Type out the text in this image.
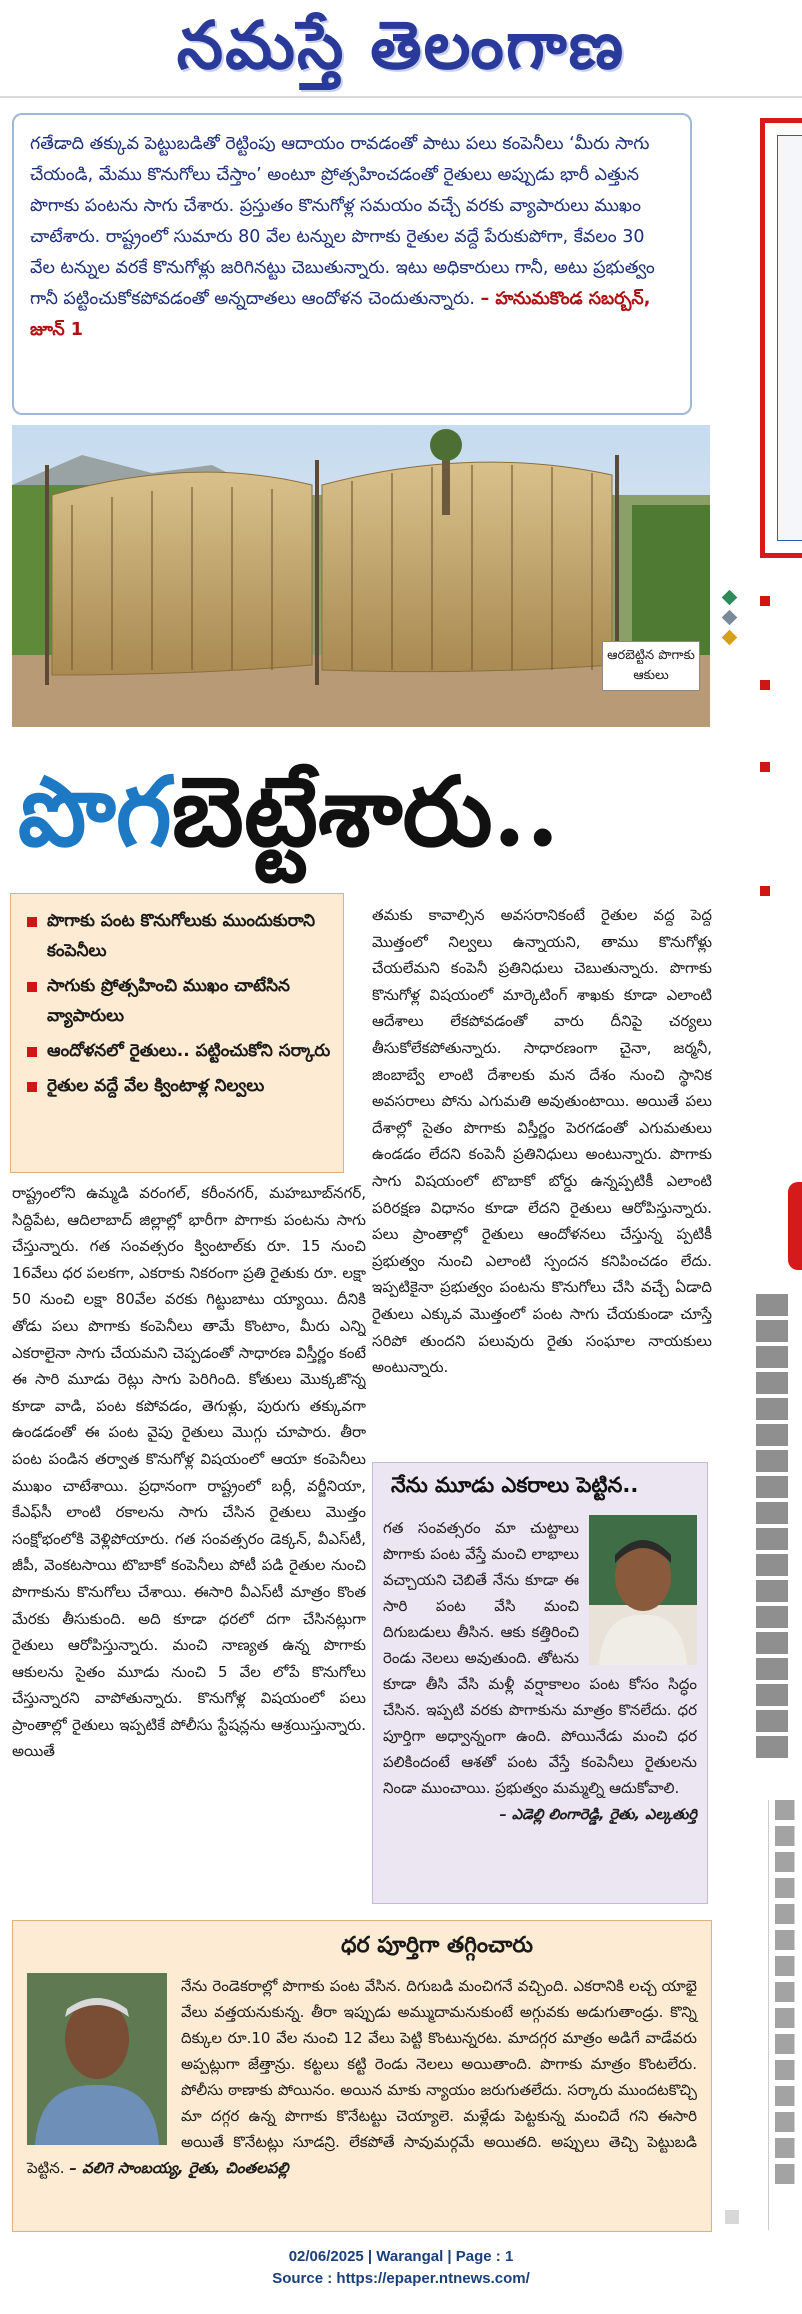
నమస్తే తెలంగాణ

గతేడాది తక్కువ పెట్టుబడితో రెట్టింపు ఆదాయం రావడంతో పాటు పలు కంపెనీలు ‘మీరు సాగు చేయండి, మేము కొనుగోలు చేస్తాం’ అంటూ ప్రోత్సహించడంతో రైతులు అప్పుడు భారీ ఎత్తున పొగాకు పంటను సాగు చేశారు. ప్రస్తుతం కొనుగోళ్ల సమయం వచ్చే వరకు వ్యాపారులు ముఖం చాటేశారు. రాష్ట్రంలో సుమారు 80 వేల టన్నుల పొగాకు రైతుల వద్దే పేరుకుపోగా, కేవలం 30 వేల టన్నుల వరకే కొనుగోళ్లు జరిగినట్టు చెబుతున్నారు. ఇటు అధికారులు గానీ, అటు ప్రభుత్వం గానీ పట్టించుకోకపోవడంతో అన్నదాతలు ఆందోళన చెందుతున్నారు. – హనుమకొండ సబర్బన్, జూన్ 1

ఆరబెట్టిన పొగాకు ఆకులు
పొగబెట్టేశారు..
పొగాకు పంట కొనుగోలుకు ముందుకురాని కంపెనీలు
సాగుకు ప్రోత్సహించి ముఖం చాటేసిన వ్యాపారులు
ఆందోళనలో రైతులు.. పట్టించుకోని సర్కారు
రైతుల వద్దే వేల క్వింటాళ్ల నిల్వలు
రాష్ట్రంలోని ఉమ్మడి వరంగల్, కరీంనగర్, మహబూబ్‌నగర్, సిద్దిపేట, ఆదిలాబాద్ జిల్లాల్లో భారీగా పొగాకు పంటను సాగు చేస్తున్నారు. గత సంవత్సరం క్వింటాల్‌కు రూ. 15 నుంచి 16వేలు ధర పలకగా, ఎకరాకు నికరంగా ప్రతి రైతుకు రూ. లక్షా 50 నుంచి లక్షా 80వేల వరకు గిట్టుబాటు య్యాయి. దీనికి తోడు పలు పొగాకు కంపెనీలు తామే కొంటాం, మీరు ఎన్ని ఎకరాలైనా సాగు చేయమని చెప్పడంతో సాధారణ విస్తీర్ణం కంటే ఈ సారి మూడు రెట్లు సాగు పెరిగింది. కోతులు మొక్కజొన్న కూడా వాడి, పంట కపోవడం, తెగుళ్లు, పురుగు తక్కువగా ఉండడంతో ఈ పంట వైపు రైతులు మొగ్గు చూపారు. తీరా పంట పండిన తర్వాత కొనుగోళ్ల విషయంలో ఆయా కంపెనీలు ముఖం చాటేశాయి. ప్రధానంగా రాష్ట్రంలో బర్లీ, వర్జీనియా, కేఎఫ్‌సీ లాంటి రకాలను సాగు చేసిన రైతులు మొత్తం సంక్షోభంలోకి వెళ్లిపోయారు. గత సంవత్సరం డెక్కన్, వీఎస్‌టీ, జీపీ, వెంకటసాయి టొబాకో కంపెనీలు పోటీ పడి రైతుల నుంచి పొగాకును కొనుగోలు చేశాయి. ఈసారి వీఎస్‌టీ మాత్రం కొంత మేరకు తీసుకుంది. అది కూడా ధరలో దగా చేసినట్లుగా రైతులు ఆరోపిస్తున్నారు. మంచి నాణ్యత ఉన్న పొగాకు ఆకులను సైతం మూడు నుంచి 5 వేల లోపే కొనుగోలు చేస్తున్నారని వాపోతున్నారు. కొనుగోళ్ల విషయంలో పలు ప్రాంతాల్లో రైతులు ఇప్పటికే పోలీసు స్టేషన్లను ఆశ్రయిస్తున్నారు. అయితే
తమకు కావాల్సిన అవసరానికంటే రైతుల వద్ద పెద్ద మొత్తంలో నిల్వలు ఉన్నాయని, తాము కొనుగోళ్లు చేయలేమని కంపెనీ ప్రతినిధులు చెబుతున్నారు. పొగాకు కొనుగోళ్ల విషయంలో మార్కెటింగ్ శాఖకు కూడా ఎలాంటి ఆదేశాలు లేకపోవడంతో వారు దీనిపై చర్యలు తీసుకోలేకపోతున్నారు. సాధారణంగా చైనా, జర్మనీ, జింబాబ్వే లాంటి దేశాలకు మన దేశం నుంచి స్థానిక అవసరాలు పోను ఎగుమతి అవుతుంటాయి. అయితే పలు దేశాల్లో సైతం పొగాకు విస్తీర్ణం పెరగడంతో ఎగుమతులు ఉండడం లేదని కంపెనీ ప్రతినిధులు అంటున్నారు. పొగాకు సాగు విషయంలో టొబాకో బోర్డు ఉన్నప్పటికీ ఎలాంటి పరిరక్షణ విధానం కూడా లేదని రైతులు ఆరోపిస్తున్నారు. పలు ప్రాంతాల్లో రైతులు ఆందోళనలు చేస్తున్న ప్పటికీ ప్రభుత్వం నుంచి ఎలాంటి స్పందన కనిపించడం లేదు. ఇప్పటికైనా ప్రభుత్వం పంటను కొనుగోలు చేసి వచ్చే ఏడాది రైతులు ఎక్కువ మొత్తంలో పంట సాగు చేయకుండా చూస్తే సరిపో తుందని పలువురు రైతు సంఘాల నాయకులు అంటున్నారు.
నేను మూడు ఎకరాలు పెట్టిన..
గత సంవత్సరం మా చుట్టాలు పొగాకు పంట వేస్తే మంచి లాభాలు వచ్చాయని చెబితే నేను కూడా ఈ సారి పంట వేసి మంచి దిగుబడులు తీసిన. ఆకు కత్తిరించి రెండు నెలలు అవుతుంది. తోటను కూడా తీసి వేసి మళ్లీ వర్షాకాలం పంట కోసం సిద్ధం చేసిన. ఇప్పటి వరకు పొగాకును మాత్రం కొనలేదు. ధర పూర్తిగా అధ్వాన్నంగా ఉంది. పోయినేడు మంచి ధర పలికిందంటే ఆశతో పంట వేస్తే కంపెనీలు రైతులను నిండా ముంచాయి. ప్రభుత్వం మమ్మల్ని ఆదుకోవాలి.
– ఎడెల్లి లింగారెడ్డి, రైతు, ఎల్కతుర్తి
ధర పూర్తిగా తగ్గించారు
నేను రెండెకరాల్లో పొగాకు పంట వేసిన. దిగుబడి మంచిగనే వచ్చింది. ఎకరానికి లచ్చ యాభై వేలు వత్తయనుకున్న. తీరా ఇప్పుడు అమ్ముదామనుకుంటే అగ్గువకు అడుగుతాండ్రు. కొన్ని దిక్కుల రూ.10 వేల నుంచి 12 వేలు పెట్టి కొంటున్నరట. మాదగ్గర మాత్రం అడిగే వాడేవరు అప్పట్లుగా జేత్తాన్రు. కట్టలు కట్టి రెండు నెలలు అయితాంది. పొగాకు మాత్రం కొంటలేరు. పోలీసు ఠాణాకు పోయినం. అయిన మాకు న్యాయం జరుగుతలేదు. సర్కారు ముందటకొచ్చి మా దగ్గర ఉన్న పొగాకు కొనేటట్టు చెయ్యాలె. మళ్లేడు పెట్టకున్న మంచిదే గని ఈసారి అయితే కొనేటట్లు సూడన్రి. లేకపోతే సావుమర్గమే అయితది. అప్పులు తెచ్చి పెట్టుబడి పెట్టిన. – వలిగె సాంబయ్య, రైతు, చింతలపల్లి
02/06/2025 | Warangal | Page : 1
Source : https://epaper.ntnews.com/
